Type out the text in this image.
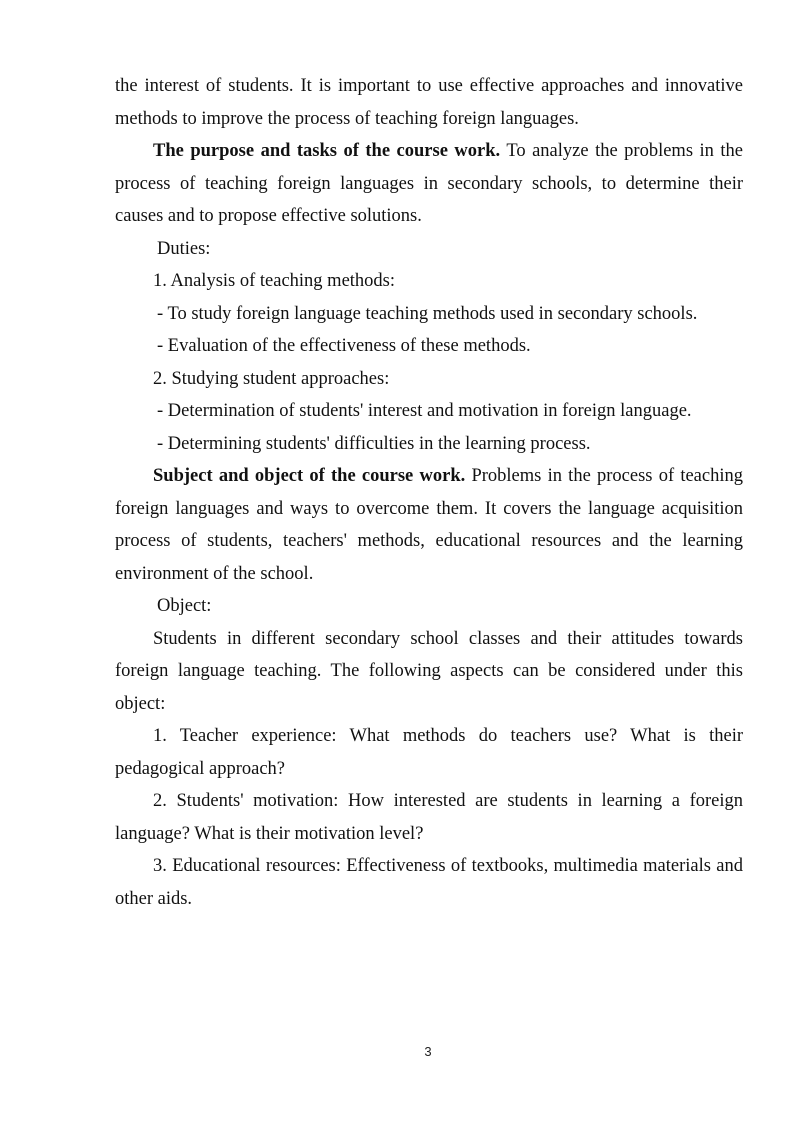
the interest of students. It is important to use effective approaches and innovative methods to improve the process of teaching foreign languages.

The purpose and tasks of the course work. To analyze the problems in the process of teaching foreign languages in secondary schools, to determine their causes and to propose effective solutions.

Duties:

1. Analysis of teaching methods:

- To study foreign language teaching methods used in secondary schools.

- Evaluation of the effectiveness of these methods.

2. Studying student approaches:

- Determination of students' interest and motivation in foreign language.

- Determining students' difficulties in the learning process.

Subject and object of the course work. Problems in the process of teaching foreign languages and ways to overcome them. It covers the language acquisition process of students, teachers' methods, educational resources and the learning environment of the school.

Object:

Students in different secondary school classes and their attitudes towards foreign language teaching. The following aspects can be considered under this object:

1. Teacher experience: What methods do teachers use? What is their pedagogical approach?

2. Students' motivation: How interested are students in learning a foreign language? What is their motivation level?

3. Educational resources: Effectiveness of textbooks, multimedia materials and other aids.

3
